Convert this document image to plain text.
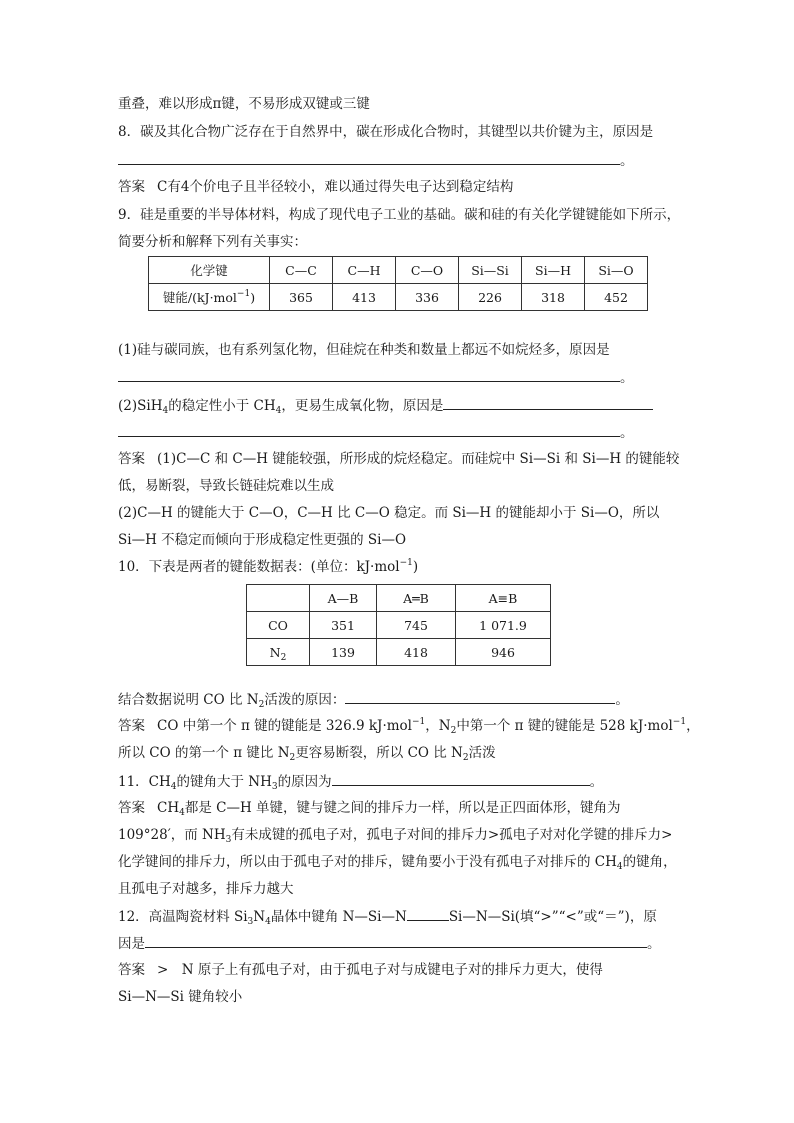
重叠，难以形成π键，不易形成双键或三键
8．碳及其化合物广泛存在于自然界中，碳在形成化合物时，其键型以共价键为主，原因是
。
答案 C有4个价电子且半径较小，难以通过得失电子达到稳定结构
9．硅是重要的半导体材料，构成了现代电子工业的基础。碳和硅的有关化学键键能如下所示，
简要分析和解释下列有关事实：
化学键	C—C	C—H	C—O	Si—Si	Si—H	Si—O
键能/(kJ·mol$^{-1}$)	365	413	336	226	318	452
(1)硅与碳同族，也有系列氢化物，但硅烷在种类和数量上都远不如烷烃多，原因是
。
(2)SiH$_4$的稳定性小于 $CH_4$，更易生成氧化物，原因是
。
答案 (1)C—C 和 C—H 键能较强，所形成的烷烃稳定。而硅烷中 Si—Si 和 Si—H 的键能较
低，易断裂，导致长链硅烷难以生成
(2)C—H 的键能大于 C—O，C—H 比 C—O 稳定。而 Si—H 的键能却小于 Si—O，所以
Si—H 不稳定而倾向于形成稳定性更强的 Si—O
10．下表是两者的键能数据表：(单位：kJ·mol$^{-1}$)
	A—B	A═B	A≡B
CO	351	745	1 071.9
$N_2$	139	418	946
结合数据说明 CO 比 $N_2$活泼的原因：	。
答案 CO 中第一个 π 键的键能是 326.9 kJ·mol$^{-1}$，$N_2$中第一个 π 键的键能是 528 kJ·mol$^{-1}$，
所以 CO 的第一个 π 键比 $N_2$更容易断裂，所以 CO 比 $N_2$活泼
11．$CH_4$的键角大于 $NH_3$的原因为	。
答案 $CH_4$都是 C—H 单键，键与键之间的排斥力一样，所以是正四面体形，键角为
109°28′，而 $NH_3$有未成键的孤电子对，孤电子对间的排斥力>孤电子对对化学键的排斥力>
化学键间的排斥力，所以由于孤电子对的排斥，键角要小于没有孤电子对排斥的 $CH_4$的键角，
且孤电子对越多，排斥力越大
12．高温陶瓷材料 $Si_3N_4$晶体中键角 N—Si—N	Si—N—Si(填“>”“<”或“＝”)，原
因是	。
答案 >　N 原子上有孤电子对，由于孤电子对与成键电子对的排斥力更大，使得
Si—N—Si 键角较小
